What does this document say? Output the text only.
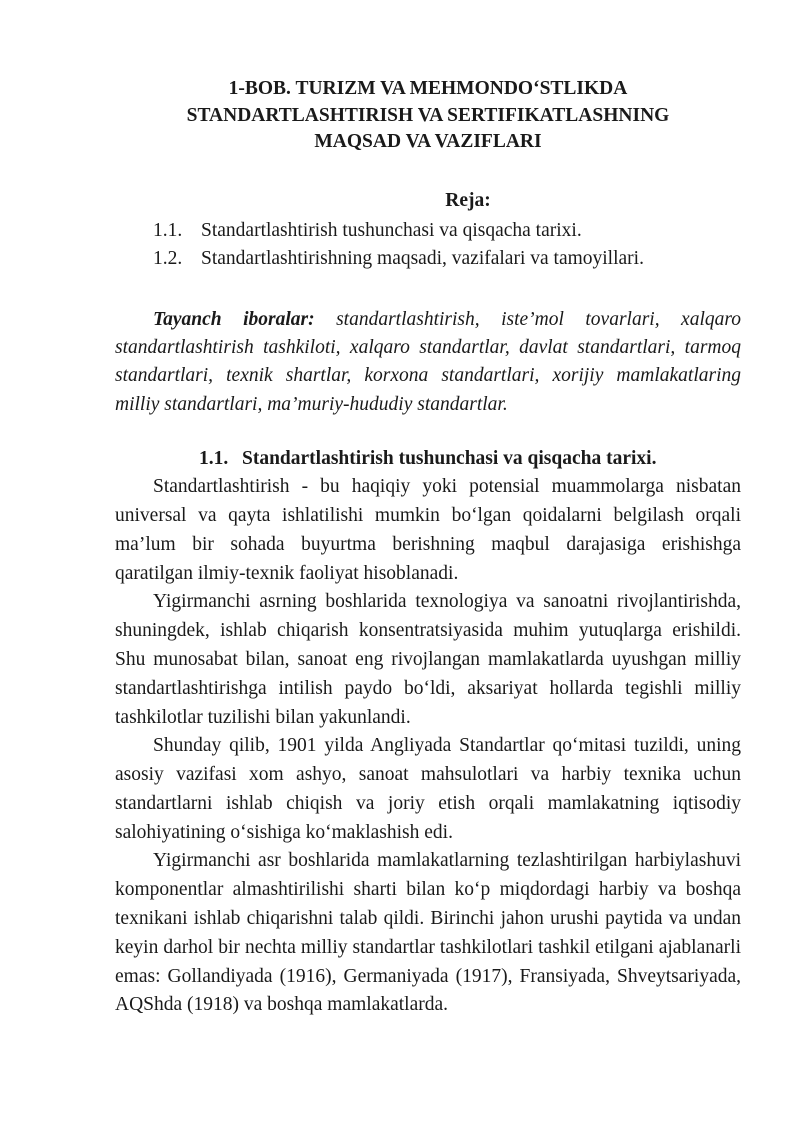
1-BOB. TURIZM VA MEHMONDO‘STLIKDA
STANDARTLASHTIRISH VA SERTIFIKATLASHNING
MAQSAD VA VAZIFLARI
Reja:
1.1. Standartlashtirish tushunchasi va qisqacha tarixi.
1.2. Standartlashtirishning maqsadi, vazifalari va tamoyillari.

Tayanch iboralar: standartlashtirish, iste’mol tovarlari, xalqaro standartlashtirish tashkiloti, xalqaro standartlar, davlat standartlari, tarmoq standartlari, texnik shartlar, korxona standartlari, xorijiy mamlakatlaring milliy standartlari, ma’muriy-hududiy standartlar.

1.1. Standartlashtirish tushunchasi va qisqacha tarixi.

Standartlashtirish - bu haqiqiy yoki potensial muammolarga nisbatan universal va qayta ishlatilishi mumkin bo‘lgan qoidalarni belgilash orqali ma’lum bir sohada buyurtma berishning maqbul darajasiga erishishga qaratilgan ilmiy-texnik faoliyat hisoblanadi.

Yigirmanchi asrning boshlarida texnologiya va sanoatni rivojlantirishda, shuningdek, ishlab chiqarish konsentratsiyasida muhim yutuqlarga erishildi. Shu munosabat bilan, sanoat eng rivojlangan mamlakatlarda uyushgan milliy standartlashtirishga intilish paydo bo‘ldi, aksariyat hollarda tegishli milliy tashkilotlar tuzilishi bilan yakunlandi.

Shunday qilib, 1901 yilda Angliyada Standartlar qo‘mitasi tuzildi, uning asosiy vazifasi xom ashyo, sanoat mahsulotlari va harbiy texnika uchun standartlarni ishlab chiqish va joriy etish orqali mamlakatning iqtisodiy salohiyatining o‘sishiga ko‘maklashish edi.

Yigirmanchi asr boshlarida mamlakatlarning tezlashtirilgan harbiylashuvi komponentlar almashtirilishi sharti bilan ko‘p miqdordagi harbiy va boshqa texnikani ishlab chiqarishni talab qildi. Birinchi jahon urushi paytida va undan keyin darhol bir nechta milliy standartlar tashkilotlari tashkil etilgani ajablanarli emas: Gollandiyada (1916), Germaniyada (1917), Fransiyada, Shveytsariyada, AQShda (1918) va boshqa mamlakatlarda.
